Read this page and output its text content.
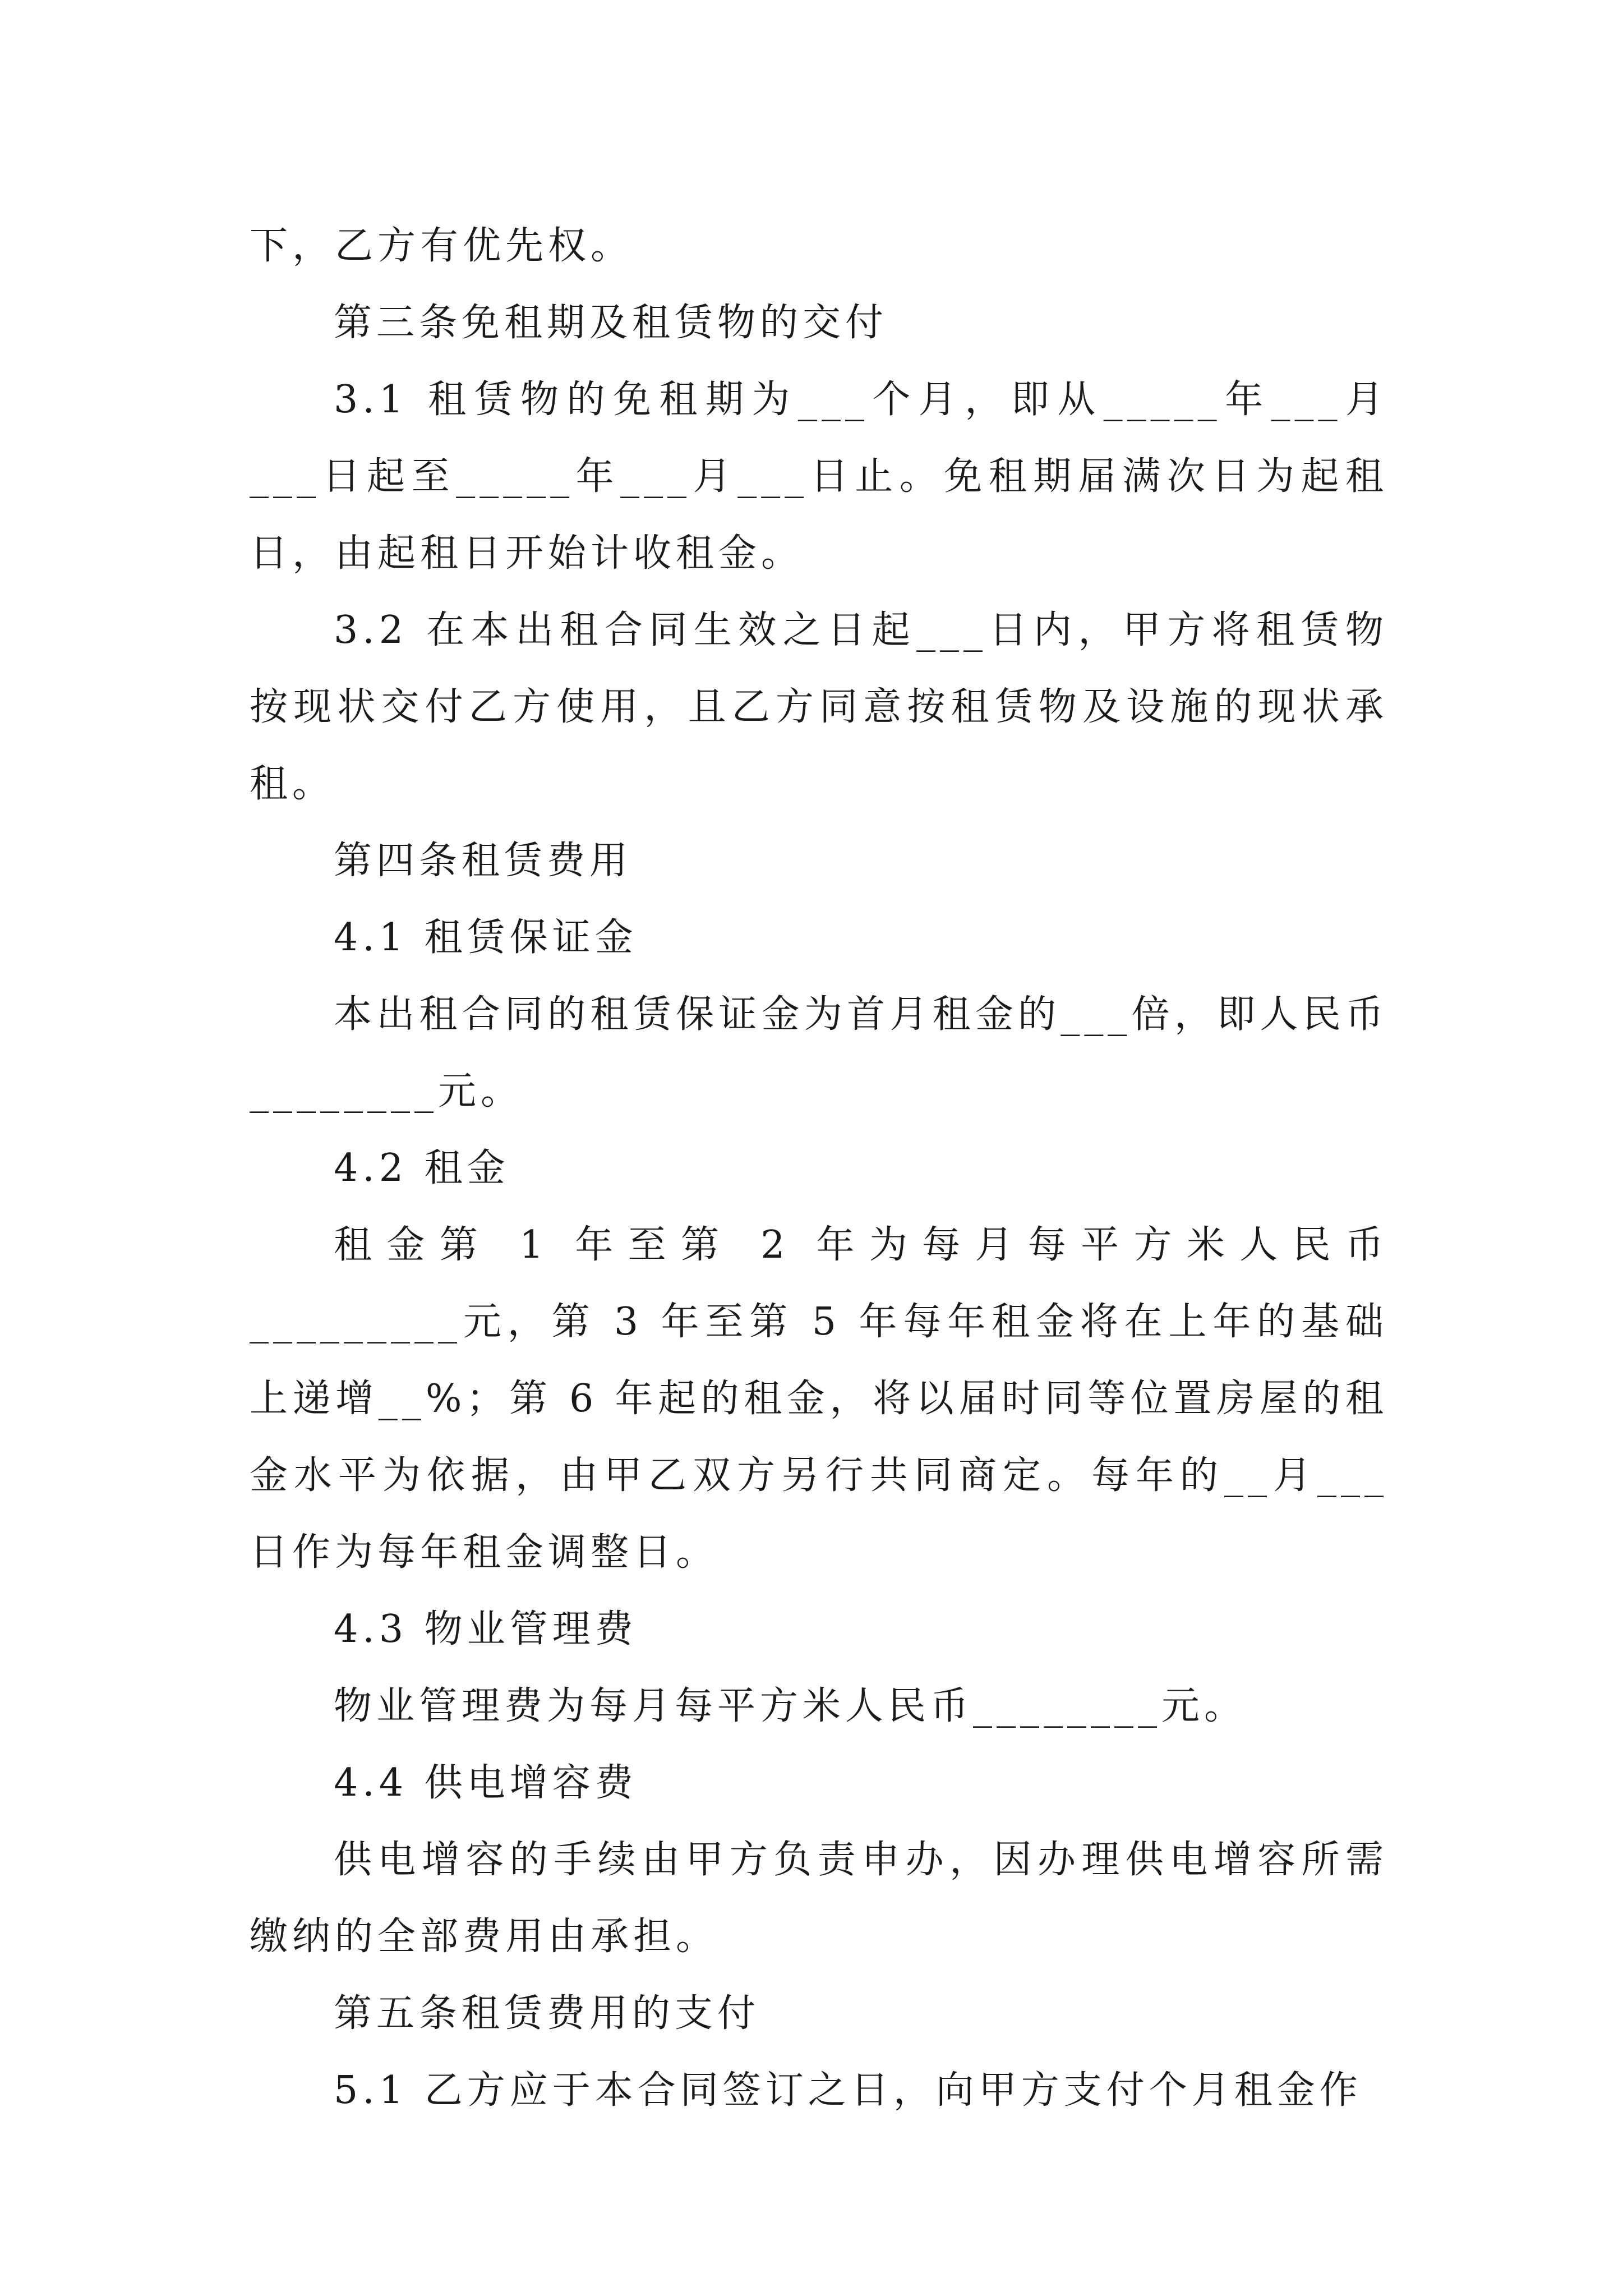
下，乙方有优先权。

第三条免租期及租赁物的交付

3.1 租赁物的免租期为___个月，即从_____年___月___日起至_____年___月___日止。免租期届满次日为起租日，由起租日开始计收租金。

3.2 在本出租合同生效之日起___日内，甲方将租赁物按现状交付乙方使用，且乙方同意按租赁物及设施的现状承租。

第四条租赁费用

4.1 租赁保证金

本出租合同的租赁保证金为首月租金的___倍，即人民币________元。

4.2 租金

租金第 1 年至第 2 年为每月每平方米人民币_________元，第 3 年至第 5 年每年租金将在上年的基础上递增__%；第 6 年起的租金，将以届时同等位置房屋的租金水平为依据，由甲乙双方另行共同商定。每年的__月___日作为每年租金调整日。

4.3 物业管理费

物业管理费为每月每平方米人民币________元。

4.4 供电增容费

供电增容的手续由甲方负责申办，因办理供电增容所需缴纳的全部费用由承担。

第五条租赁费用的支付

5.1 乙方应于本合同签订之日，向甲方支付个月租金作
